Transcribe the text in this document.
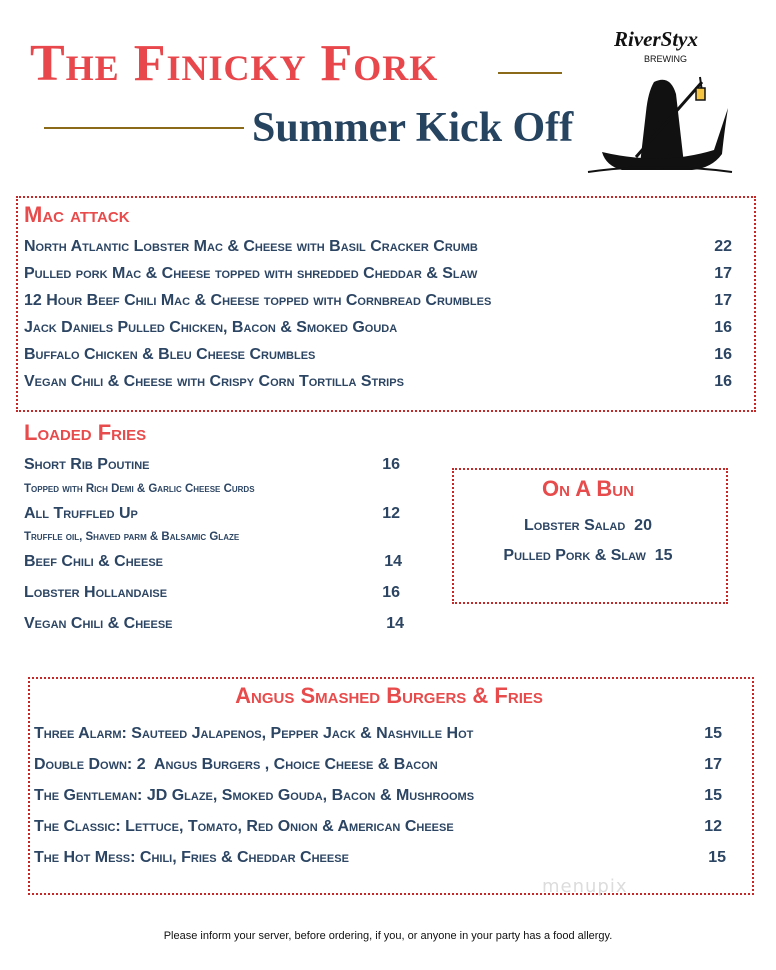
The Finicky Fork
Summer Kick Off
RiverStyx
BREWING
Mac attack
North Atlantic Lobster Mac & Cheese with Basil Cracker Crumb	22
Pulled pork Mac & Cheese topped with shredded Cheddar & Slaw	17
12 Hour Beef Chili Mac & Cheese topped with Cornbread Crumbles	17
Jack Daniels Pulled Chicken, Bacon & Smoked Gouda	16
Buffalo Chicken & Bleu Cheese Crumbles	16
Vegan Chili & Cheese with Crispy Corn Tortilla Strips	16
Loaded Fries
Short Rib Poutine	16
Topped with Rich Demi & Garlic Cheese Curds
All Truffled Up	12
Truffle oil, Shaved parm & Balsamic Glaze
Beef Chili & Cheese	14
Lobster Hollandaise	16
Vegan Chili & Cheese	14
On A Bun
Lobster Salad  20
Pulled Pork & Slaw  15
Angus Smashed Burgers & Fries
Three Alarm: Sauteed Jalapenos, Pepper Jack & Nashville Hot	15
Double Down: 2  Angus Burgers , Choice Cheese & Bacon	17
The Gentleman: JD Glaze, Smoked Gouda, Bacon & Mushrooms	15
The Classic: Lettuce, Tomato, Red Onion & American Cheese	12
The Hot Mess: Chili, Fries & Cheddar Cheese	15
menupix
Please inform your server, before ordering, if you, or anyone in your party has a food allergy.
